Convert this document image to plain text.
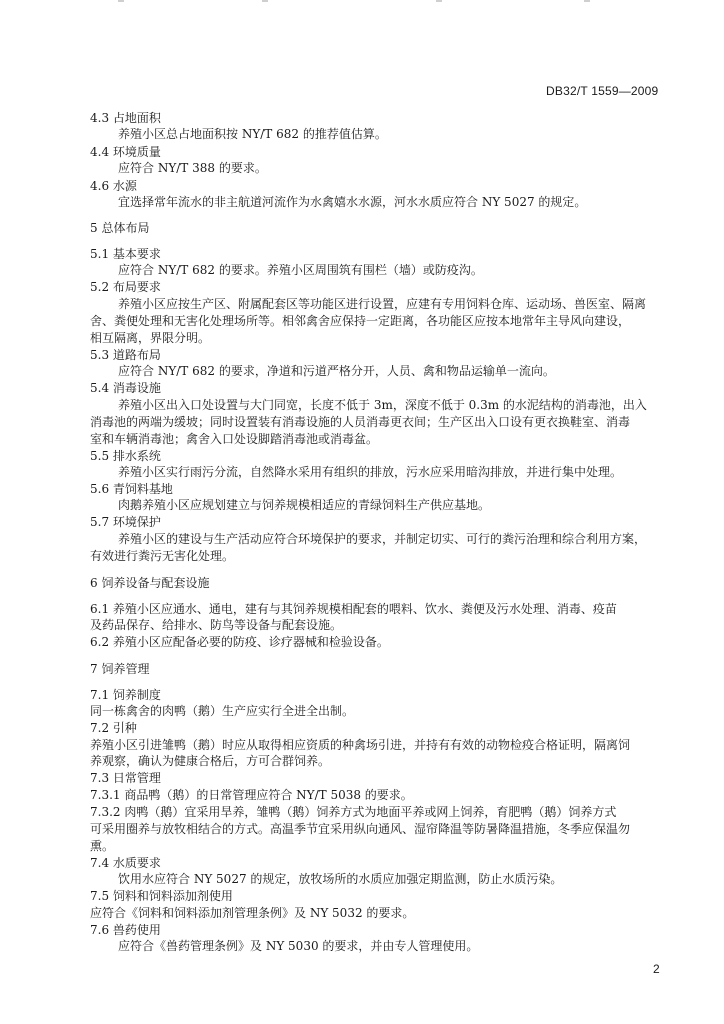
DB32/T 1559—2009
4.3 占地面积
养殖小区总占地面积按 NY/T 682 的推荐值估算。
4.4 环境质量
应符合 NY/T 388 的要求。
4.6 水源
宜选择常年流水的非主航道河流作为水禽嬉水水源，河水水质应符合 NY 5027 的规定。
5 总体布局
5.1 基本要求
应符合 NY/T 682 的要求。养殖小区周围筑有围栏（墙）或防疫沟。
5.2 布局要求
养殖小区应按生产区、附属配套区等功能区进行设置，应建有专用饲料仓库、运动场、兽医室、隔离
舍、粪便处理和无害化处理场所等。相邻禽舍应保持一定距离，各功能区应按本地常年主导风向建设，
相互隔离，界限分明。
5.3 道路布局
应符合 NY/T 682 的要求，净道和污道严格分开，人员、禽和物品运输单一流向。
5.4 消毒设施
养殖小区出入口处设置与大门同宽，长度不低于 3m，深度不低于 0.3m 的水泥结构的消毒池，出入
消毒池的两端为缓坡；同时设置装有消毒设施的人员消毒更衣间；生产区出入口设有更衣换鞋室、消毒
室和车辆消毒池；禽舍入口处设脚踏消毒池或消毒盆。
5.5 排水系统
养殖小区实行雨污分流，自然降水采用有组织的排放，污水应采用暗沟排放，并进行集中处理。
5.6 青饲料基地
肉鹅养殖小区应规划建立与饲养规模相适应的青绿饲料生产供应基地。
5.7 环境保护
养殖小区的建设与生产活动应符合环境保护的要求，并制定切实、可行的粪污治理和综合利用方案，
有效进行粪污无害化处理。
6 饲养设备与配套设施
6.1 养殖小区应通水、通电，建有与其饲养规模相配套的喂料、饮水、粪便及污水处理、消毒、疫苗
及药品保存、给排水、防鸟等设备与配套设施。
6.2 养殖小区应配备必要的防疫、诊疗器械和检验设备。
7 饲养管理
7.1 饲养制度
同一栋禽舍的肉鸭（鹅）生产应实行全进全出制。
7.2 引种
养殖小区引进雏鸭（鹅）时应从取得相应资质的种禽场引进，并持有有效的动物检疫合格证明，隔离饲
养观察，确认为健康合格后，方可合群饲养。
7.3 日常管理
7.3.1 商品鸭（鹅）的日常管理应符合 NY/T 5038 的要求。
7.3.2 肉鸭（鹅）宜采用旱养，雏鸭（鹅）饲养方式为地面平养或网上饲养，育肥鸭（鹅）饲养方式
可采用圈养与放牧相结合的方式。高温季节宜采用纵向通风、湿帘降温等防暑降温措施，冬季应保温勿
熏。
7.4 水质要求
饮用水应符合 NY 5027 的规定，放牧场所的水质应加强定期监测，防止水质污染。
7.5 饲料和饲料添加剂使用
应符合《饲料和饲料添加剂管理条例》及 NY 5032 的要求。
7.6 兽药使用
应符合《兽药管理条例》及 NY 5030 的要求，并由专人管理使用。
2
